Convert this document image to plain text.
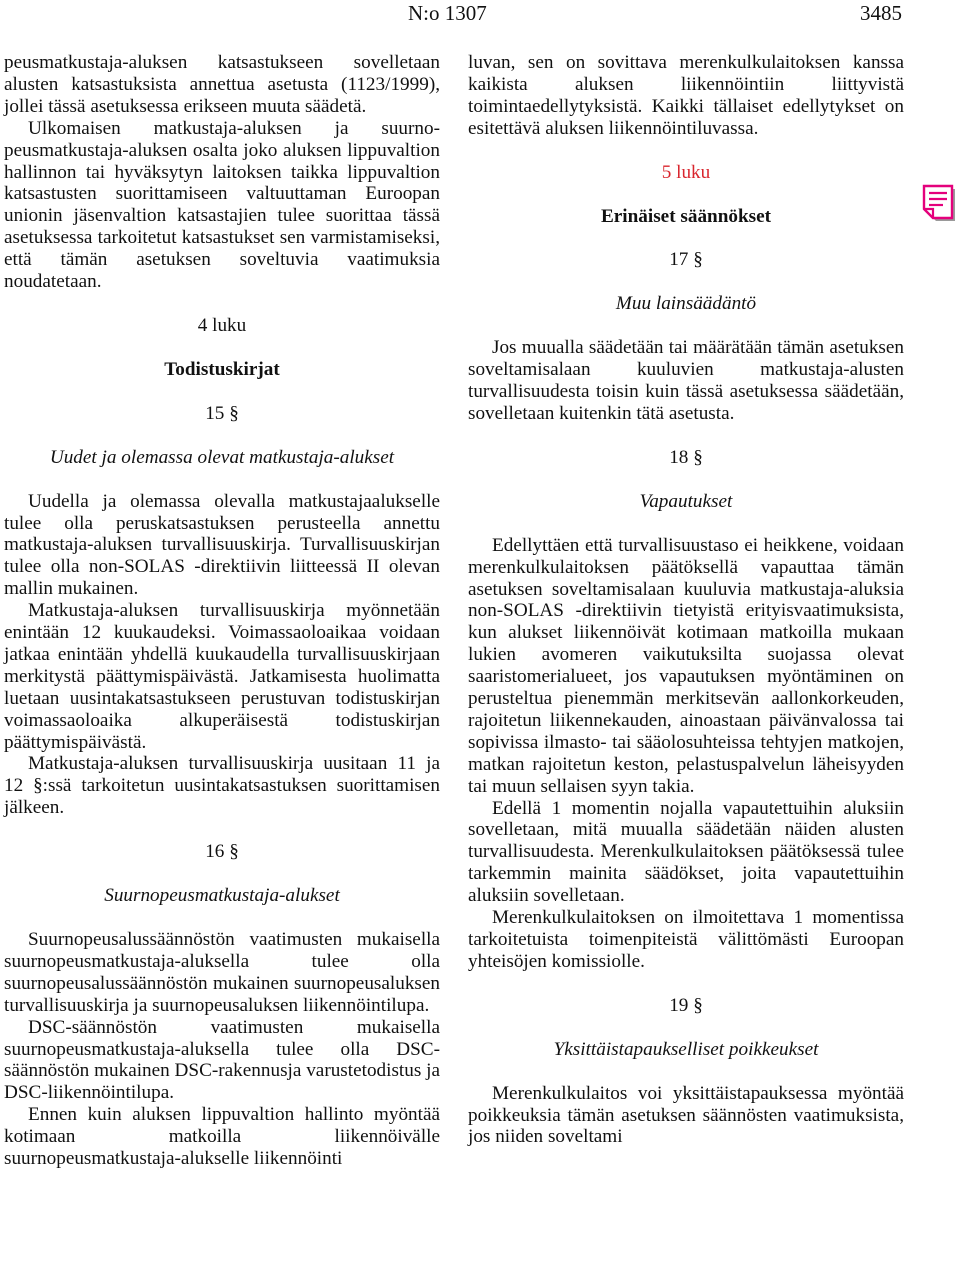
N:o 1307	3485

peusmatkustaja-aluksen katsastukseen sovelletaan alusten katsastuksista annettua asetusta (1123/1999), jollei tässä asetuksessa erikseen muuta säädetä.

Ulkomaisen matkustaja-aluksen ja suurnopeusmatkustaja-aluksen osalta joko aluksen lippuvaltion hallinnon tai hyväksytyn laitoksen taikka lippuvaltion katsastusten suorittamiseen valtuuttaman Euroopan unionin jäsenvaltion katsastajien tulee suorittaa tässä asetuksessa tarkoitetut katsastukset sen varmistamiseksi, että tämän asetuksen soveltuvia vaatimuksia noudatetaan.

4 luku
Todistuskirjat
15 §
Uudet ja olemassa olevat matkustaja-alukset

Uudella ja olemassa olevalla matkustajaalukselle tulee olla peruskatsastuksen perusteella annettu matkustaja-aluksen turvallisuuskirja. Turvallisuuskirjan tulee olla non-SOLAS -direktiivin liitteessä II olevan mallin mukainen.

Matkustaja-aluksen turvallisuuskirja myönnetään enintään 12 kuukaudeksi. Voimassaoloaikaa voidaan jatkaa enintään yhdellä kuukaudella turvallisuuskirjaan merkitystä päättymispäivästä. Jatkamisesta huolimatta luetaan uusintakatsastukseen perustuvan todistuskirjan voimassaoloaika alkuperäisestä todistuskirjan päättymispäivästä.

Matkustaja-aluksen turvallisuuskirja uusitaan 11 ja 12 §:ssä tarkoitetun uusintakatsastuksen suorittamisen jälkeen.

16 §
Suurnopeusmatkustaja-alukset

Suurnopeusalussäännöstön vaatimusten mukaisella suurnopeusmatkustaja-aluksella tulee olla suurnopeusalussäännöstön mukainen suurnopeusaluksen turvallisuuskirja ja suurnopeusaluksen liikennöintilupa.

DSC-säännöstön vaatimusten mukaisella suurnopeusmatkustaja-aluksella tulee olla DSC-säännöstön mukainen DSC-rakennusja varustetodistus ja DSC-liikennöintilupa.

Ennen kuin aluksen lippuvaltion hallinto myöntää kotimaan matkoilla liikennöivälle suurnopeusmatkustaja-alukselle liikennöinti

luvan, sen on sovittava merenkulkulaitoksen kanssa kaikista aluksen liikennöintiin liittyvistä toimintaedellytyksistä. Kaikki tällaiset edellytykset on esitettävä aluksen liikennöintiluvassa.

5 luku
Erinäiset säännökset
17 §
Muu lainsäädäntö

Jos muualla säädetään tai määrätään tämän asetuksen soveltamisalaan kuuluvien matkustaja-alusten turvallisuudesta toisin kuin tässä asetuksessa säädetään, sovelletaan kuitenkin tätä asetusta.

18 §
Vapautukset

Edellyttäen että turvallisuustaso ei heikkene, voidaan merenkulkulaitoksen päätöksellä vapauttaa tämän asetuksen soveltamisalaan kuuluvia matkustaja-aluksia non-SOLAS -direktiivin tietyistä erityisvaatimuksista, kun alukset liikennöivät kotimaan matkoilla mukaan lukien avomeren vaikutuksilta suojassa olevat saaristomerialueet, jos vapautuksen myöntäminen on perusteltua pienemmän merkitsevän aallonkorkeuden, rajoitetun liikennekauden, ainoastaan päivänvalossa tai sopivissa ilmasto- tai sääolosuhteissa tehtyjen matkojen, matkan rajoitetun keston, pelastuspalvelun läheisyyden tai muun sellaisen syyn takia.

Edellä 1 momentin nojalla vapautettuihin aluksiin sovelletaan, mitä muualla säädetään näiden alusten turvallisuudesta. Merenkulkulaitoksen päätöksessä tulee tarkemmin mainita säädökset, joita vapautettuihin aluksiin sovelletaan.

Merenkulkulaitoksen on ilmoitettava 1 momentissa tarkoitetuista toimenpiteistä välittömästi Euroopan yhteisöjen komissiolle.

19 §
Yksittäistapaukselliset poikkeukset

Merenkulkulaitos voi yksittäistapauksessa myöntää poikkeuksia tämän asetuksen säännösten vaatimuksista, jos niiden soveltami
